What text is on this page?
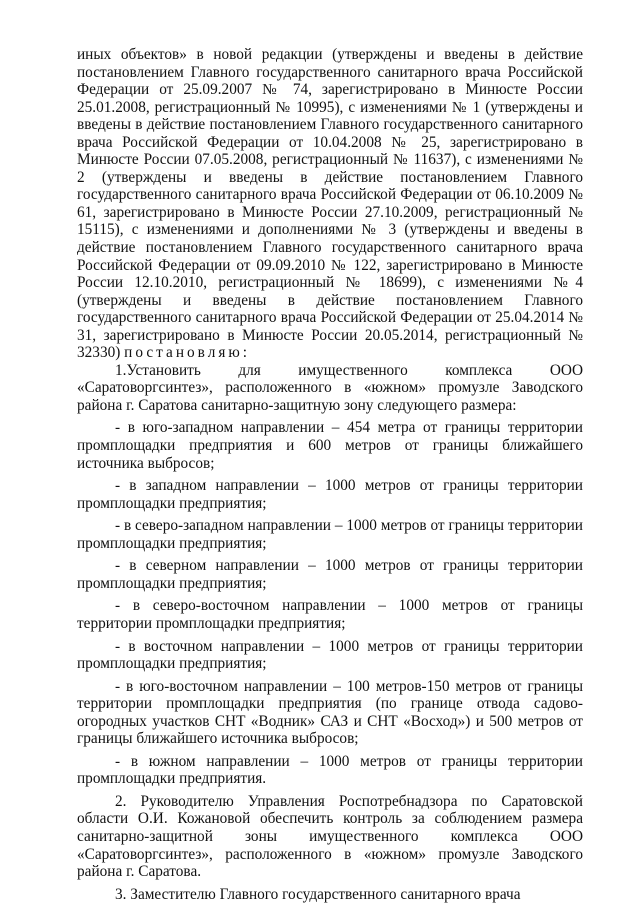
иных объектов» в новой редакции (утверждены и введены в действие постановлением Главного государственного санитарного врача Российской Федерации от 25.09.2007 № 74, зарегистрировано в Минюсте России 25.01.2008, регистрационный № 10995), с изменениями № 1 (утверждены и введены в действие постановлением Главного государственного санитарного врача Российской Федерации от 10.04.2008 № 25, зарегистрировано в Минюсте России 07.05.2008, регистрационный № 11637), с изменениями № 2 (утверждены и введены в действие постановлением Главного государственного санитарного врача Российской Федерации от 06.10.2009 № 61, зарегистрировано в Минюсте России 27.10.2009, регистрационный № 15115), с изменениями и дополнениями № 3 (утверждены и введены в действие постановлением Главного государственного санитарного врача Российской Федерации от 09.09.2010 № 122, зарегистрировано в Минюсте России 12.10.2010, регистрационный № 18699), с изменениями №4 (утверждены и введены в действие постановлением Главного государственного санитарного врача Российской Федерации от 25.04.2014 № 31, зарегистрировано в Минюсте России 20.05.2014, регистрационный № 32330) постановляю:

1.Установить для имущественного комплекса ООО «Саратоворгсинтез», расположенного в «южном» промузле Заводского района г. Саратова санитарно-защитную зону следующего размера:

- в юго-западном направлении – 454 метра от границы территории промплощадки предприятия и 600 метров от границы ближайшего источника выбросов;

- в западном направлении – 1000 метров от границы территории промплощадки предприятия;

- в северо-западном направлении – 1000 метров от границы территории промплощадки предприятия;

- в северном направлении – 1000 метров от границы территории промплощадки предприятия;

- в северо-восточном направлении – 1000 метров от границы территории промплощадки предприятия;

- в восточном направлении – 1000 метров от границы территории промплощадки предприятия;

- в юго-восточном направлении – 100 метров-150 метров от границы территории промплощадки предприятия (по границе отвода садово-огородных участков СНТ «Водник» САЗ и СНТ «Восход») и 500 метров от границы ближайшего источника выбросов;

- в южном направлении – 1000 метров от границы территории промплощадки предприятия.

2. Руководителю Управления Роспотребнадзора по Саратовской области О.И. Кожановой обеспечить контроль за соблюдением размера санитарно-защитной зоны имущественного комплекса ООО «Саратоворгсинтез», расположенного в «южном» промузле Заводского района г. Саратова.

3. Заместителю Главного государственного санитарного врача
